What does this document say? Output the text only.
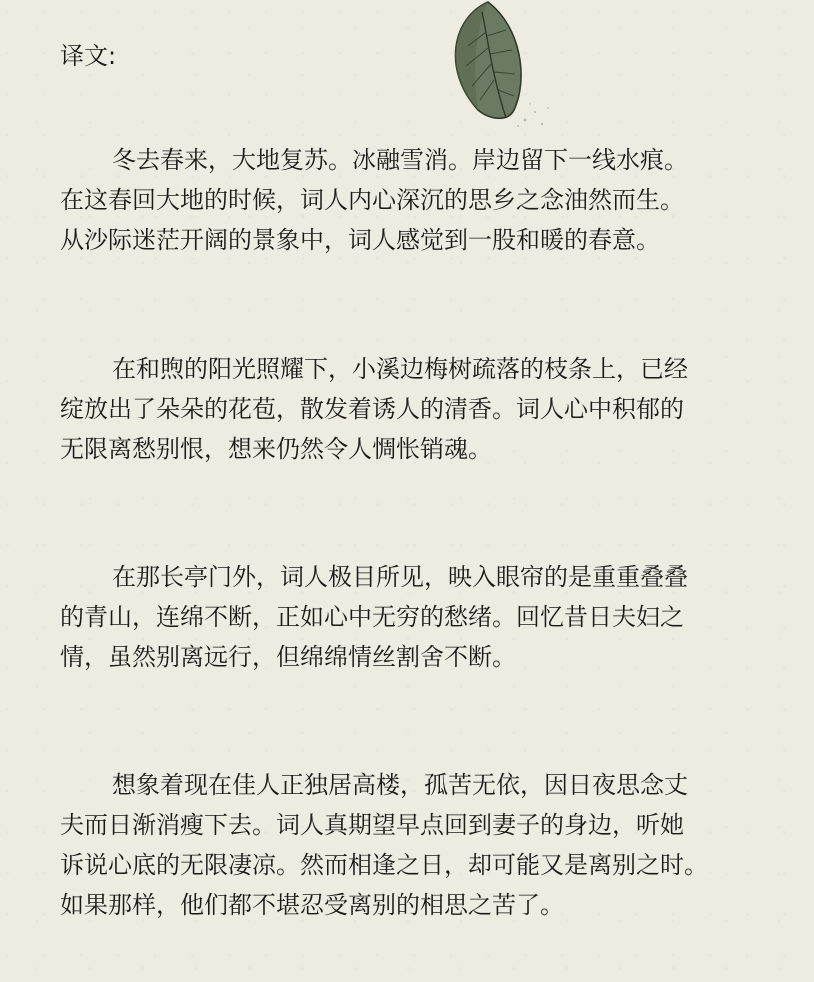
译文:
冬去春来，大地复苏。冰融雪消。岸边留下一线水痕。
在这春回大地的时候，词人内心深沉的思乡之念油然而生。
从沙际迷茫开阔的景象中，词人感觉到一股和暖的春意。
在和煦的阳光照耀下，小溪边梅树疏落的枝条上，已经
绽放出了朵朵的花苞，散发着诱人的清香。词人心中积郁的
无限离愁别恨，想来仍然令人惆怅销魂。
在那长亭门外，词人极目所见，映入眼帘的是重重叠叠
的青山，连绵不断，正如心中无穷的愁绪。回忆昔日夫妇之
情，虽然别离远行，但绵绵情丝割舍不断。
想象着现在佳人正独居高楼，孤苦无依，因日夜思念丈
夫而日渐消瘦下去。词人真期望早点回到妻子的身边，听她
诉说心底的无限凄凉。然而相逢之日，却可能又是离别之时。
如果那样，他们都不堪忍受离别的相思之苦了。
